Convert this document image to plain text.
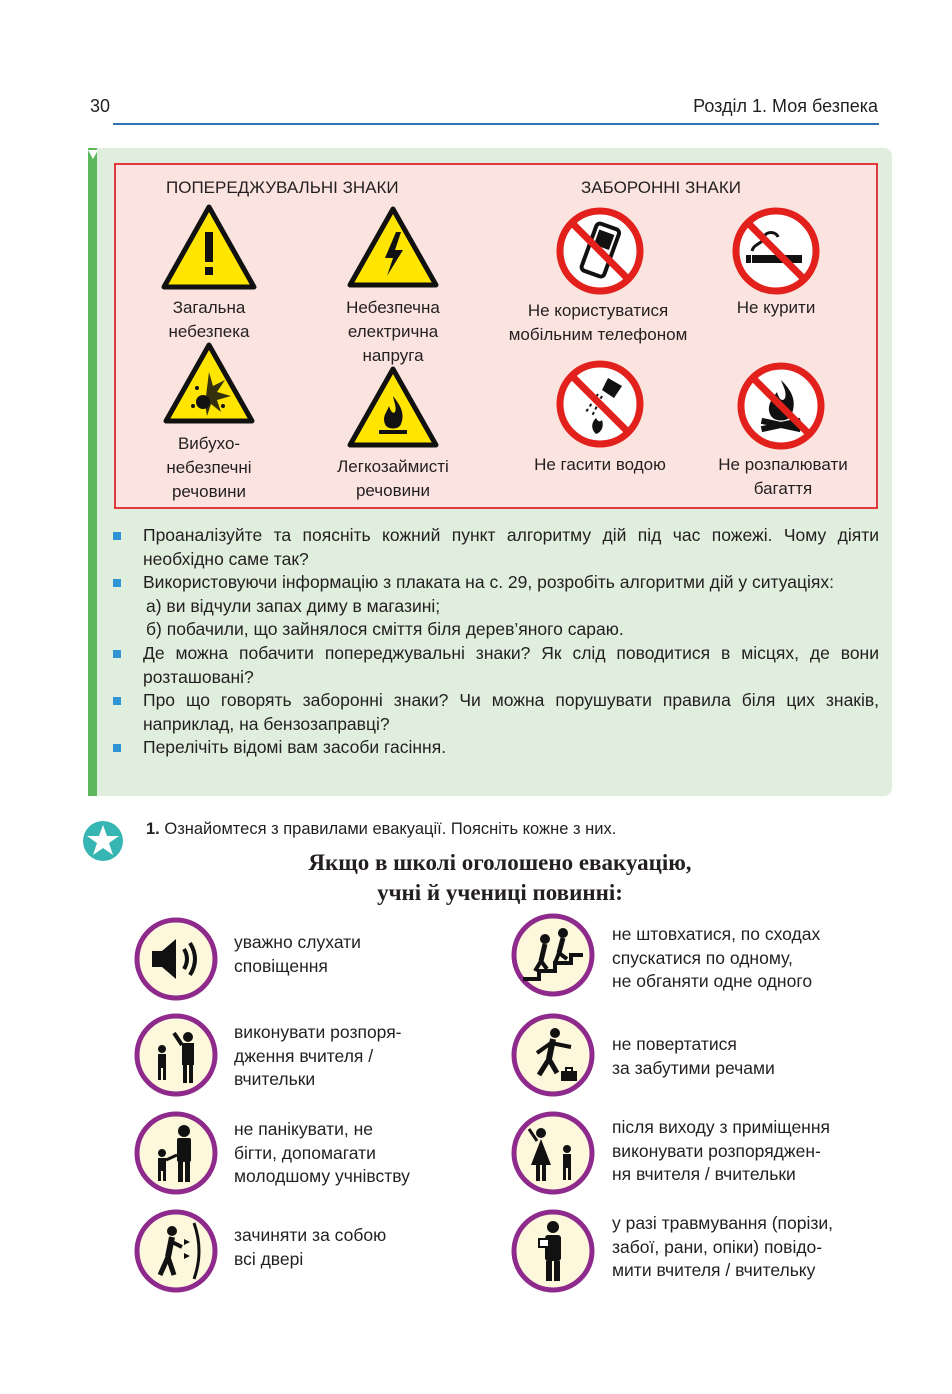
30	Розділ 1. Моя безпека
ПОПЕРЕДЖУВАЛЬНІ ЗНАКИ	ЗАБОРОННІ ЗНАКИ
Загальна
небезпека
Небезпечна
електрична
напруга
Вибухо-
небезпечні
речовини
Легкозаймисті
речовини
Не користуватися
мобільним телефоном
Не курити
Не гасити водою	Не розпалювати
багаття
Проаналізуйте та поясніть кожний пункт алгоритму дій під час пожежі. Чому діяти необхідно саме так?
Використовуючи інформацію з плаката на с. 29, розробіть алгоритми дій у ситуаціях:
а) ви відчули запах диму в магазині;
б) побачили, що зайнялося сміття біля дерев’яного сараю.
Де можна побачити попереджувальні знаки? Як слід поводитися в місцях, де вони розташовані?
Про що говорять заборонні знаки? Чи можна порушувати правила біля цих знаків, наприклад, на бензозаправці?
Перелічіть відомі вам засоби гасіння.
1. Ознайомтеся з правилами евакуації. Поясніть кожне з них.
Якщо в школі оголошено евакуацію,
учні й учениці повинні:
уважно слухати
сповіщення
не штовхатися, по сходах
спускатися по одному,
не обганяти одне одного
виконувати розпоря-
дження вчителя /
вчительки
не повертатися
за забутими речами
не панікувати, не
бігти, допомагати
молодшому учнівству
після виходу з приміщення
виконувати розпоряджен-
ня вчителя / вчительки
зачиняти за собою
всі двері
у разі травмування (порізи,
забої, рани, опіки) повідо-
мити вчителя / вчительку
